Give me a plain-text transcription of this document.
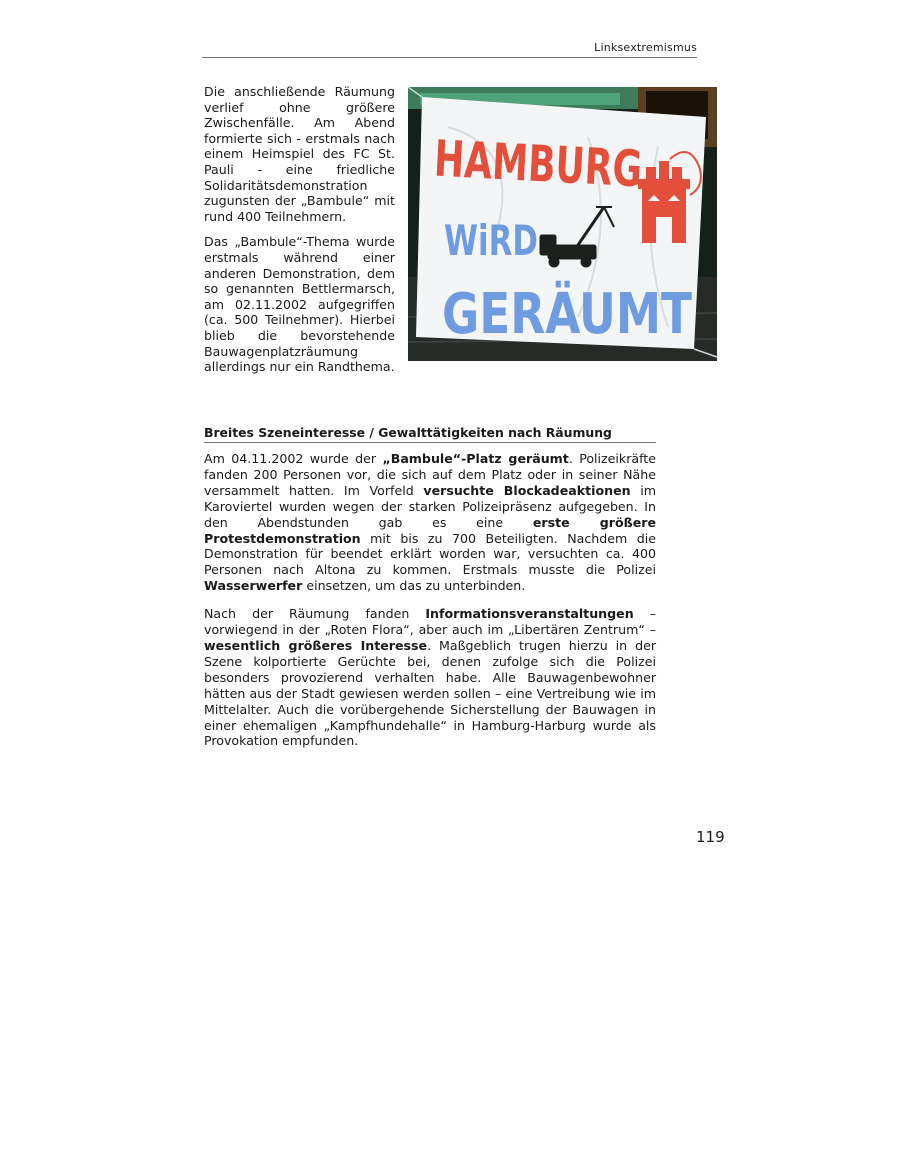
Linksextremismus

Die anschließende Räumung verlief ohne größere Zwischenfälle. Am Abend formierte sich - erstmals nach einem Heimspiel des FC St. Pauli - eine friedliche Solidaritätsdemonstration zugunsten der „Bambule“ mit rund 400 Teilnehmern.

Das „Bambule“-Thema wurde erstmals während einer anderen Demonstration, dem so genannten Bettlermarsch, am 02.11.2002 aufgegriffen (ca. 500 Teilnehmer). Hierbei blieb die bevorstehende Bauwagenplatzräumung allerdings nur ein Randthema.

HAMBURG
WiRD
GERÄUMT
Breites Szeneinteresse / Gewalttätigkeiten nach Räumung

Am 04.11.2002 wurde der „Bambule“-Platz geräumt. Polizeikräfte fanden 200 Personen vor, die sich auf dem Platz oder in seiner Nähe versammelt hatten. Im Vorfeld versuchte Blockadeaktionen im Karoviertel wurden wegen der starken Polizeipräsenz aufgegeben. In den Abendstunden gab es eine erste größere Protestdemonstration mit bis zu 700 Beteiligten. Nachdem die Demonstration für beendet erklärt worden war, versuchten ca. 400 Personen nach Altona zu kommen. Erstmals musste die Polizei Wasserwerfer einsetzen, um das zu unterbinden.

Nach der Räumung fanden Informationsveranstaltungen – vorwiegend in der „Roten Flora“, aber auch im „Libertären Zentrum“ – wesentlich größeres Interesse. Maßgeblich trugen hierzu in der Szene kolportierte Gerüchte bei, denen zufolge sich die Polizei besonders provozierend verhalten habe. Alle Bauwagenbewohner hätten aus der Stadt gewiesen werden sollen – eine Vertreibung wie im Mittelalter. Auch die vorübergehende Sicherstellung der Bauwagen in einer ehemaligen „Kampfhundehalle“ in Hamburg-Harburg wurde als Provokation empfunden.

119
